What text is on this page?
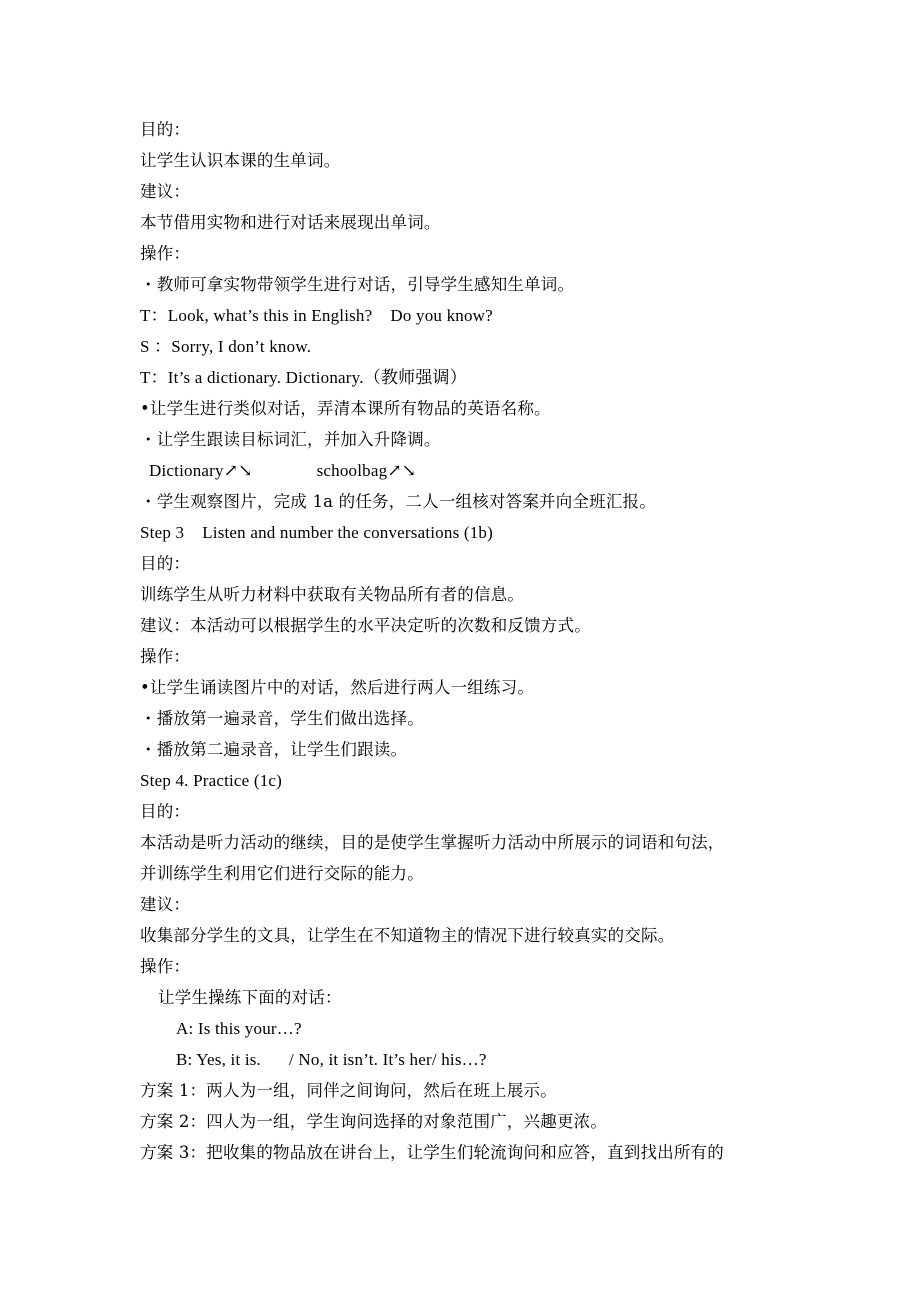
目的：
让学生认识本课的生单词。
建议：
本节借用实物和进行对话来展现出单词。
操作：
・教师可拿实物带领学生进行对话，引导学生感知生单词。
T：Look, what’s this in English? Do you know?
S ：Sorry, I don’t know.
T：It’s a dictionary. Dictionary.（教师强调）
•让学生进行类似对话，弄清本课所有物品的英语名称。
・让学生跟读目标词汇，并加入升降调。
Dictionary↗↘	schoolbag↗↘
・学生观察图片，完成 1a 的任务，二人一组核对答案并向全班汇报。
Step 3 Listen and number the conversations (1b)
目的：
训练学生从听力材料中获取有关物品所有者的信息。
建议：本活动可以根据学生的水平决定听的次数和反馈方式。
操作：
•让学生诵读图片中的对话，然后进行两人一组练习。
・播放第一遍录音，学生们做出选择。
・播放第二遍录音，让学生们跟读。
Step 4. Practice (1c)
目的：
本活动是听力活动的继续，目的是使学生掌握听力活动中所展示的词语和句法，
并训练学生利用它们进行交际的能力。
建议：
收集部分学生的文具，让学生在不知道物主的情况下进行较真实的交际。
操作：
让学生操练下面的对话：
A: Is this your…?
B: Yes, it is. / No, it isn’t. It’s her/ his…?
方案 1：两人为一组，同伴之间询问，然后在班上展示。
方案 2：四人为一组，学生询问选择的对象范围广，兴趣更浓。
方案 3：把收集的物品放在讲台上，让学生们轮流询问和应答，直到找出所有的
